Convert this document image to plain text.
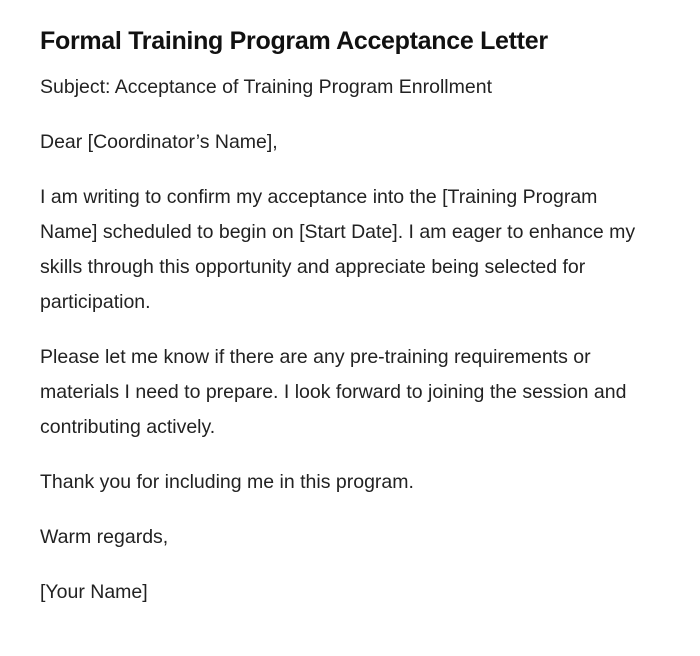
Formal Training Program Acceptance Letter

Subject: Acceptance of Training Program Enrollment

Dear [Coordinator’s Name],

I am writing to confirm my acceptance into the [Training Program Name] scheduled to begin on [Start Date]. I am eager to enhance my skills through this opportunity and appreciate being selected for participation.

Please let me know if there are any pre-training requirements or materials I need to prepare. I look forward to joining the session and contributing actively.

Thank you for including me in this program.

Warm regards,

[Your Name]
